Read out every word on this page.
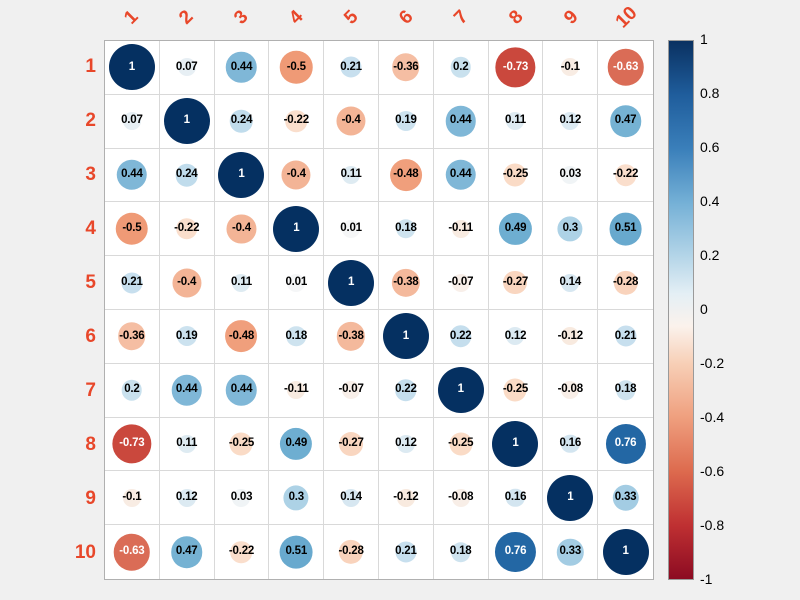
1	2	3	4	5	6	7	8	9	10
1
2
3
4
5
6
7
8
9
10
1	0.07	0.44	-0.5	0.21	-0.36	0.2	-0.73	-0.1	-0.63
0.07	1	0.24	-0.22	-0.4	0.19	0.44	0.11	0.12	0.47
0.44	0.24	1	-0.4	0.11	-0.48	0.44	-0.25	0.03	-0.22
-0.5	-0.22	-0.4	1	0.01	0.18	-0.11	0.49	0.3	0.51
0.21	-0.4	0.11	0.01	1	-0.38	-0.07	-0.27	0.14	-0.28
-0.36	0.19	-0.48	0.18	-0.38	1	0.22	0.12	-0.12	0.21
0.2	0.44	0.44	-0.11	-0.07	0.22	1	-0.25	-0.08	0.18
-0.73	0.11	-0.25	0.49	-0.27	0.12	-0.25	1	0.16	0.76
-0.1	0.12	0.03	0.3	0.14	-0.12	-0.08	0.16	1	0.33
-0.63	0.47	-0.22	0.51	-0.28	0.21	0.18	0.76	0.33	1
1
0.8
0.6
0.4
0.2
0
-0.2
-0.4
-0.6
-0.8
-1
